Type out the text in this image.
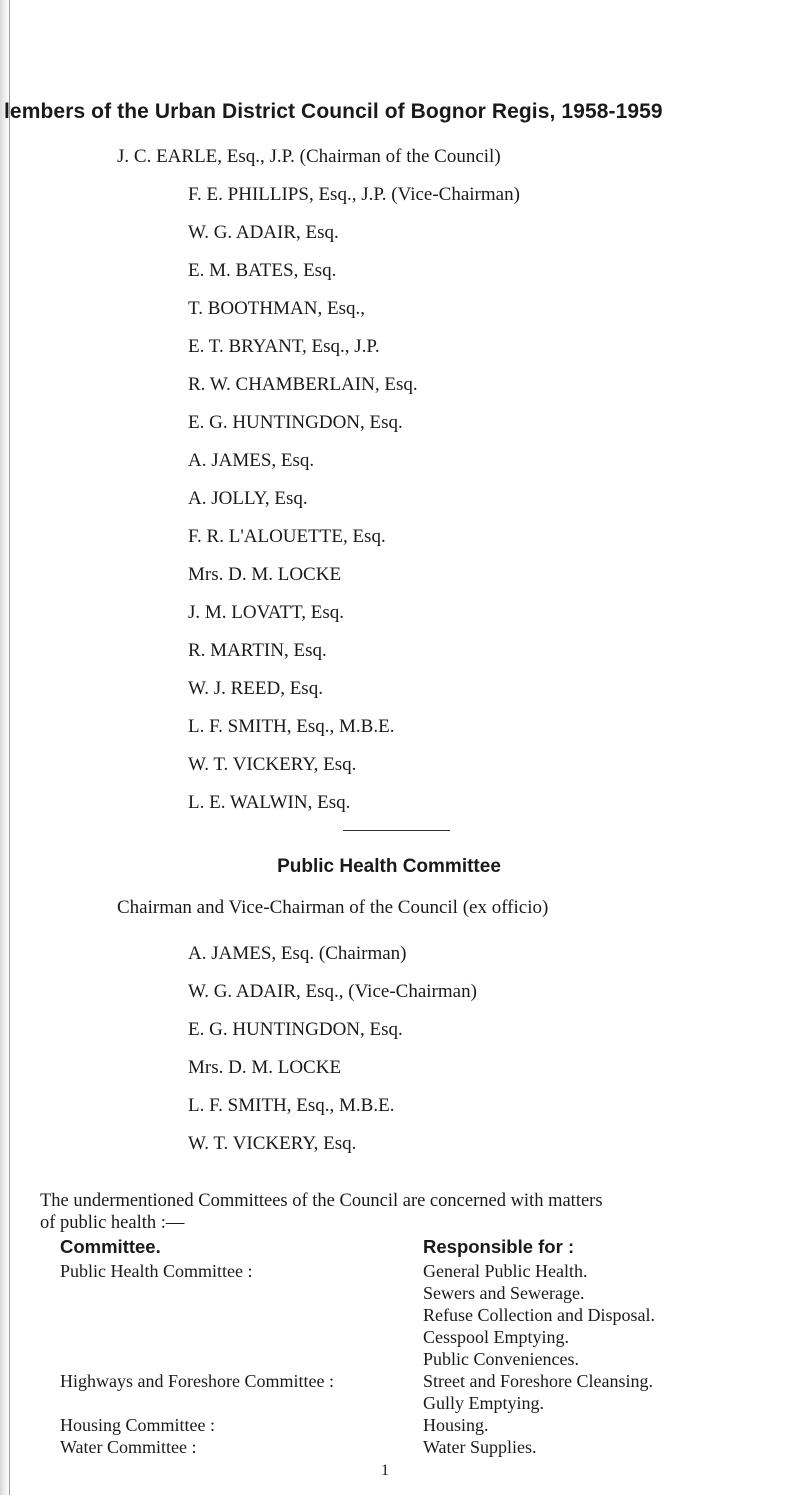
lembers of the Urban District Council of Bognor Regis, 1958-1959
J. C. EARLE, Esq., J.P. (Chairman of the Council)
F. E. PHILLIPS, Esq., J.P. (Vice-Chairman)
W. G. ADAIR, Esq.
E. M. BATES, Esq.
T. BOOTHMAN, Esq.,
E. T. BRYANT, Esq., J.P.
R. W. CHAMBERLAIN, Esq.
E. G. HUNTINGDON, Esq.
A. JAMES, Esq.
A. JOLLY, Esq.
F. R. L'ALOUETTE, Esq.
Mrs. D. M. LOCKE
J. M. LOVATT, Esq.
R. MARTIN, Esq.
W. J. REED, Esq.
L. F. SMITH, Esq., M.B.E.
W. T. VICKERY, Esq.
L. E. WALWIN, Esq.
Public Health Committee

Chairman and Vice-Chairman of the Council (ex officio)

A. JAMES, Esq. (Chairman)
W. G. ADAIR, Esq., (Vice-Chairman)
E. G. HUNTINGDON, Esq.
Mrs. D. M. LOCKE
L. F. SMITH, Esq., M.B.E.
W. T. VICKERY, Esq.

The undermentioned Committees of the Council are concerned with matters
of public health :—

Committee.	Responsible for :
Public Health Committee :	General Public Health.
Sewers and Sewerage.
Refuse Collection and Disposal.
Cesspool Emptying.
Public Conveniences.
Highways and Foreshore Committee :	Street and Foreshore Cleansing.
Gully Emptying.
Housing Committee :	Housing.
Water Committee :	Water Supplies.
1
